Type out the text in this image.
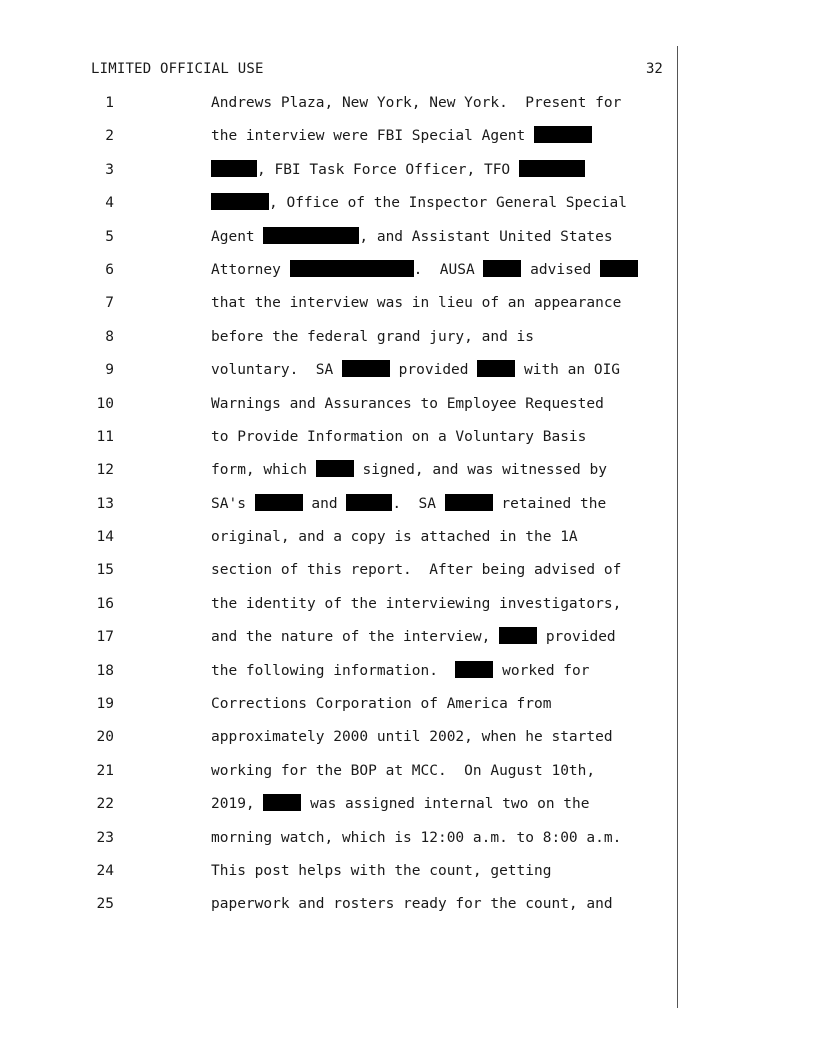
LIMITED OFFICIAL USE	32
1	Andrews Plaza, New York, New York.  Present for
2	the interview were FBI Special Agent
3	, FBI Task Force Officer, TFO
4	, Office of the Inspector General Special
5	Agent	, and Assistant United States
6	Attorney	.  AUSA	advised
7	that the interview was in lieu of an appearance
8	before the federal grand jury, and is
9	voluntary.  SA	provided	with an OIG
10	Warnings and Assurances to Employee Requested
11	to Provide Information on a Voluntary Basis
12	form, which	signed, and was witnessed by
13	SA's	and	.  SA	retained the
14	original, and a copy is attached in the 1A
15	section of this report.  After being advised of
16	the identity of the interviewing investigators,
17	and the nature of the interview,	provided
18	the following information.	worked for
19	Corrections Corporation of America from
20	approximately 2000 until 2002, when he started
21	working for the BOP at MCC.  On August 10th,
22	2019,	was assigned internal two on the
23	morning watch, which is 12:00 a.m. to 8:00 a.m.
24	This post helps with the count, getting
25	paperwork and rosters ready for the count, and
